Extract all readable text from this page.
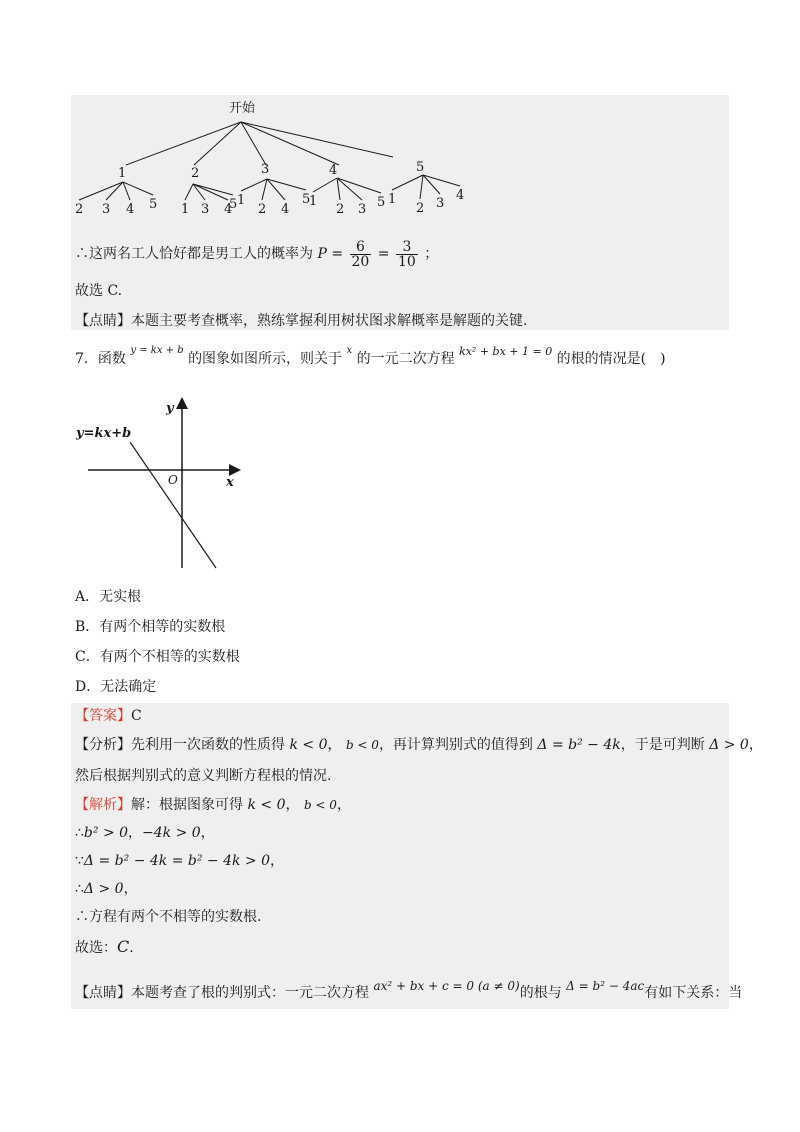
开始
1
2 3 4 5
2
1 3 4
5
3
1
2 4
5
4
1
2 3 5
5
1
2 3
4
∴这两名工人恰好都是男工人的概率为 $P = \frac{6}{20} = \frac{3}{10}$ ；
故选 C.
【点睛】本题主要考查概率，熟练掌握利用树状图求解概率是解题的关键.
7．函数 $^{y = kx + b}$ 的图象如图所示，则关于 $^x$ 的一元二次方程 $^{kx^2 + bx + 1 = 0}$ 的根的情况是(　)
y
x
O
y=kx+b
A．无实根
B．有两个相等的实数根
C．有两个不相等的实数根
D．无法确定
【答案】C
【分析】先利用一次函数的性质得 k < 0， b < 0，再计算判别式的值得到 Δ = b² − 4k，于是可判断 Δ > 0，
然后根据判别式的意义判断方程根的情况.
【解析】解：根据图象可得 k < 0， b < 0，
∴b² > 0，−4k > 0，
∵Δ = b² − 4k = b² − 4k > 0，
∴Δ > 0，
∴方程有两个不相等的实数根.
故选：C.
【点睛】本题考查了根的判别式：一元二次方程 ax² + bx + c = 0 (a ≠ 0)的根与 Δ = b² − 4ac有如下关系：当
